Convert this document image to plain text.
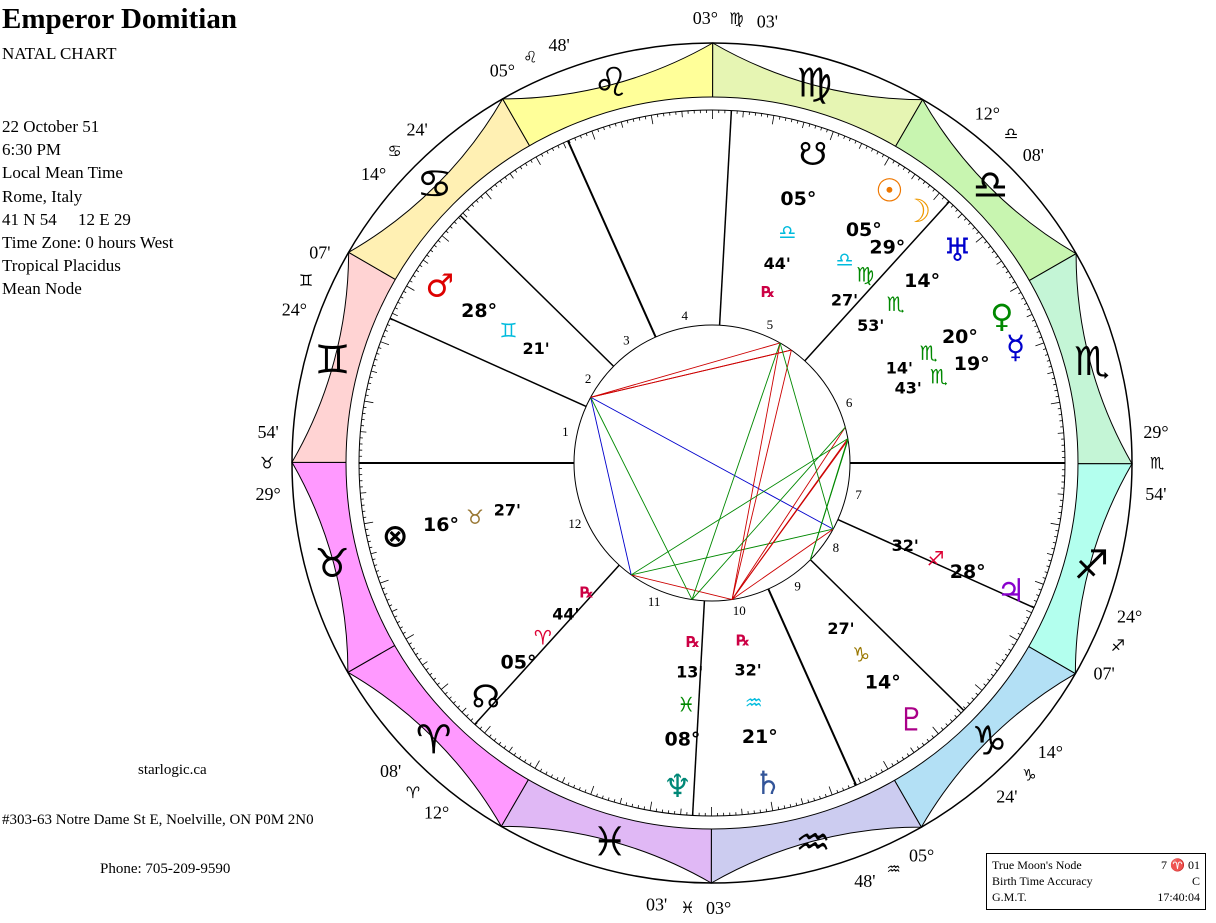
Emperor Domitian
NATAL CHART
22 October 51
6:30 PM
Local Mean Time
Rome, Italy
41 N 54     12 E 29
Time Zone: 0 hours West
Tropical Placidus
Mean Node
starlogic.ca
#303-63 Notre Dame St E, Noelville, ON P0M 2N0
Phone: 705-209-9590	True Moon's Node	7 ♈ 01
Birth Time Accuracy	C
G.M.T.	17:40:04
♈
♉
♊
♋
♌	♍
♎
♏
♐
♑
♒
♓
1
2
3
4
5
6
7
8
9
10
11
12
29°
♉
54'
24°
♊
07'
14°
♋
24'
05°
♌
48'
03° ♍ 03'
12°
♎
08'
29°
♏
54'
24°
♐
07'
14°
♑
24'
05°
♒
48'
03°
♓
03'
12°
♈
08'
☉
05°
♎
☽
29°
♍
27'
☿
19°
♏
43'
♀
20°
♏
14'
♂
28°
♊
21'
♃
28°
♐
32'
♄
21°
♒
32'
℞
♅
14°
♏
53'
♆
08°
♓
13'
℞
♇
14°
♑
27'
☊
05°
♈
44'
℞
⊗ 16° ♉ 27'
☋
05°
♎
44'
℞
